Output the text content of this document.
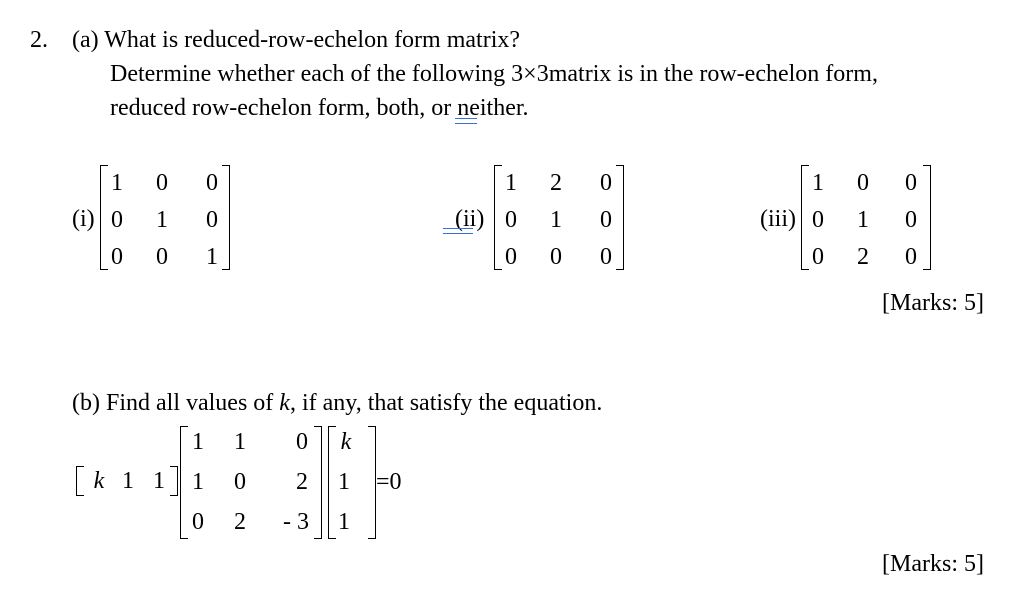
2. (a) What is reduced-row-echelon form matrix?
Determine whether each of the following 3×3matrix is in the row-echelon form,
reduced row-echelon form, both, or neither.
(i)
1	0	0
0	1	0
0	0	1
(ii)
1	2	0
0	1	0
0	0	0
(iii)
1	0	0
0	1	0
0	2	0
[Marks: 5]
(b) Find all values of k, if any, that satisfy the equation.
k 1 1
1	1	0
1	0	2
0	2	- 3
k
1
1
=0
[Marks: 5]
